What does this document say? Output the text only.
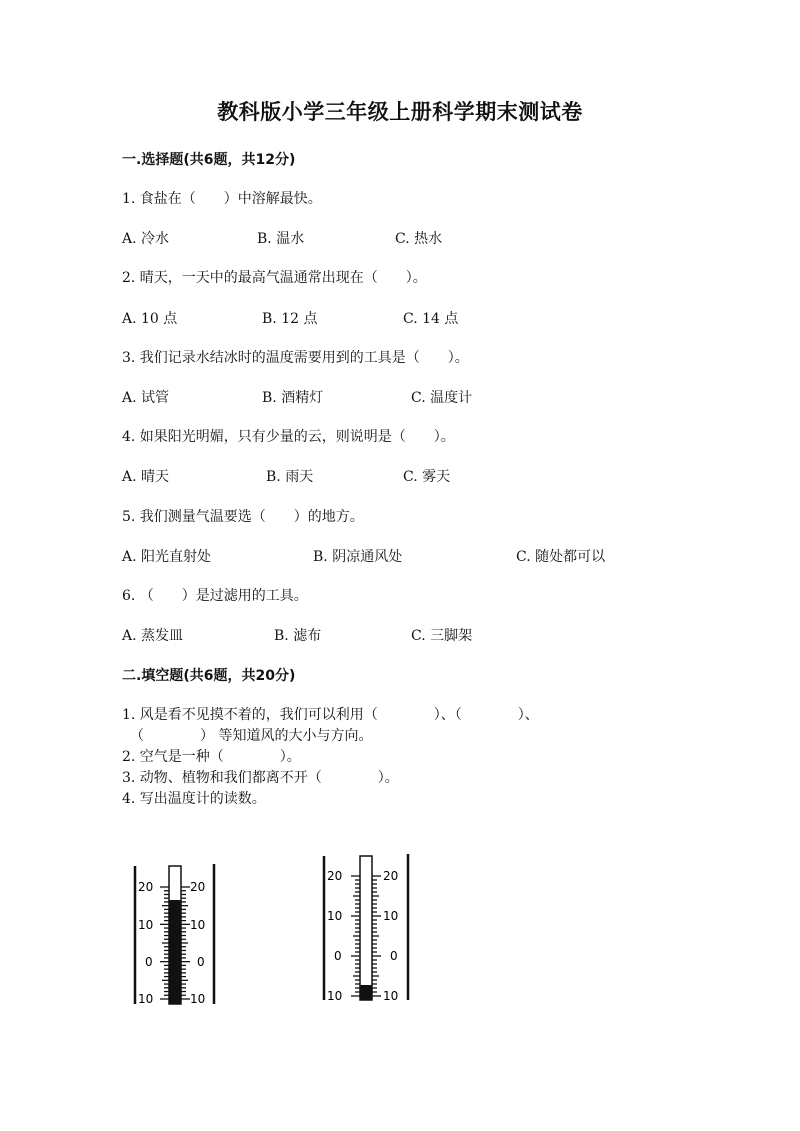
教科版小学三年级上册科学期末测试卷
一.选择题(共6题，共12分)
1. 食盐在（　　）中溶解最快。
A. 冷水	B. 温水	C. 热水
2. 晴天，一天中的最高气温通常出现在（　　）。
A. 10 点	B. 12 点	C. 14 点
3. 我们记录水结冰时的温度需要用到的工具是（　　）。
A. 试管	B. 酒精灯	C. 温度计
4. 如果阳光明媚，只有少量的云，则说明是（　　）。
A. 晴天	B. 雨天	C. 雾天
5. 我们测量气温要选（　　）的地方。
A. 阳光直射处	B. 阴凉通风处	C. 随处都可以
6. （　　）是过滤用的工具。
A. 蒸发皿	B. 滤布	C. 三脚架
二.填空题(共6题，共20分)
1. 风是看不见摸不着的，我们可以利用（　　　　）、（　　　　）、
（　　　　） 等知道风的大小与方向。
2. 空气是一种（　　　　）。
3. 动物、植物和我们都离不开（　　　　）。
4. 写出温度计的读数。
20	20
10	10
0	0
10	10
20	20
10	10
0	0
10	10
